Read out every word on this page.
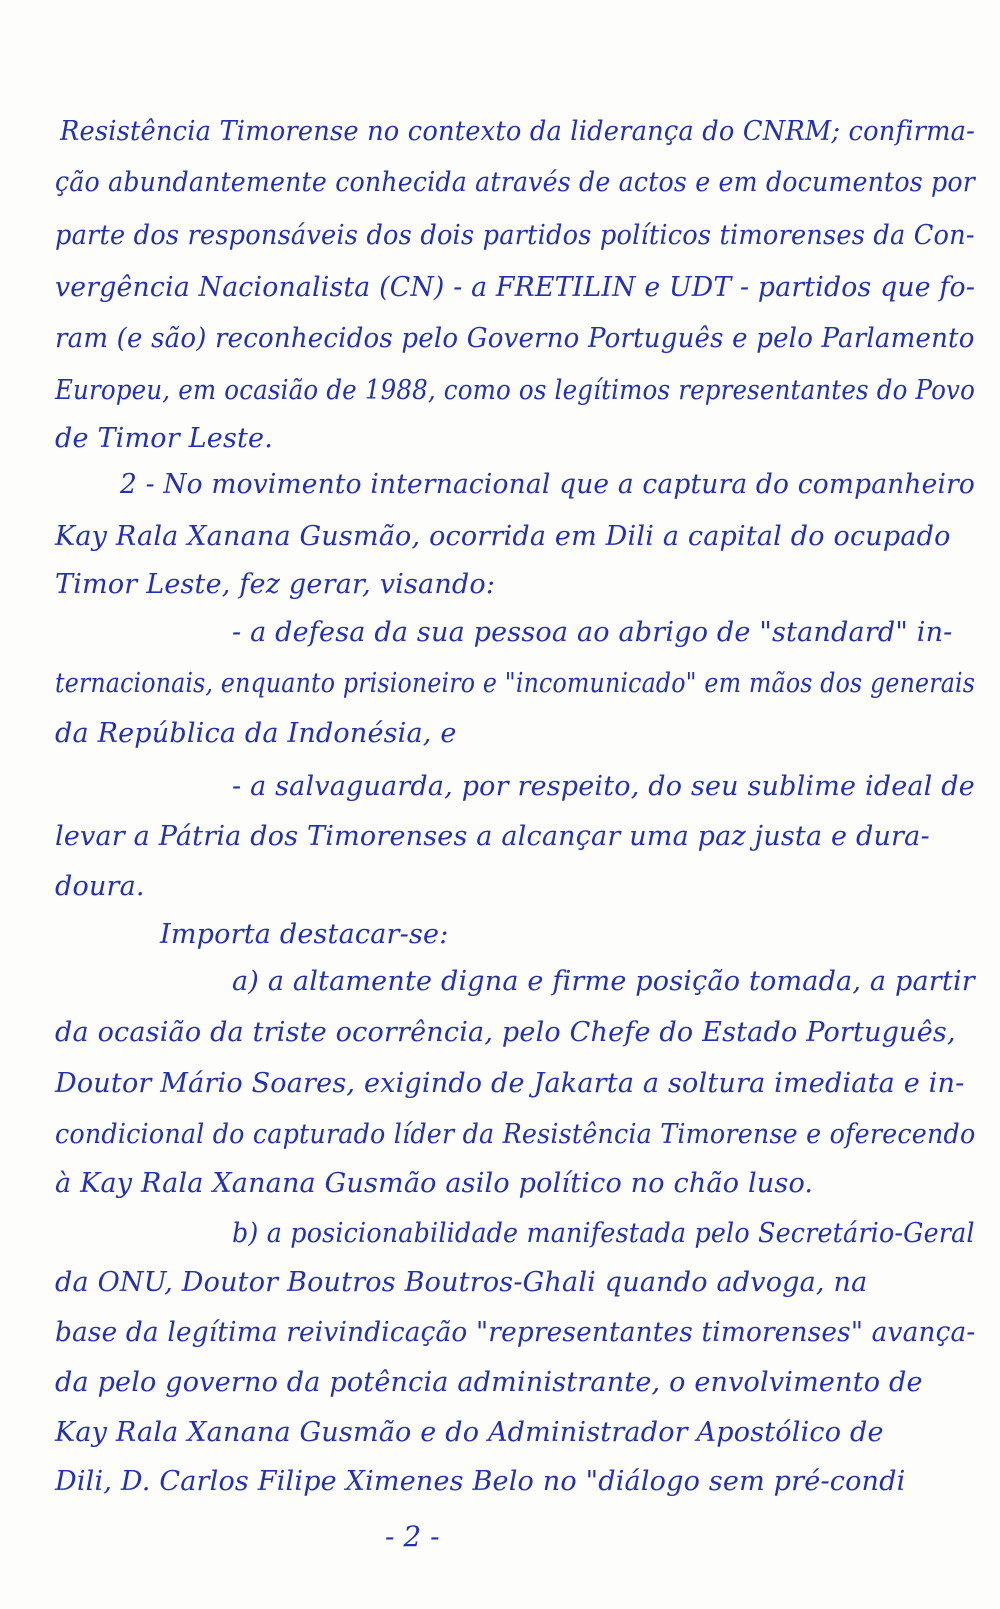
Resistência Timorense no contexto da liderança do CNRM; confirma-
ção abundantemente conhecida através de actos e em documentos por
parte dos responsáveis dos dois partidos políticos timorenses da Con-
vergência Nacionalista (CN) - a FRETILIN e UDT - partidos que fo-
ram (e são) reconhecidos pelo Governo Português e pelo Parlamento
Europeu, em ocasião de 1988, como os legítimos representantes do Povo
de Timor Leste.
2 - No movimento internacional que a captura do companheiro
Kay Rala Xanana Gusmão, ocorrida em Dili a capital do ocupado
Timor Leste, fez gerar, visando:
- a defesa da sua pessoa ao abrigo de "standard" in-
ternacionais, enquanto prisioneiro e "incomunicado" em mãos dos generais
da República da Indonésia, e
- a salvaguarda, por respeito, do seu sublime ideal de
levar a Pátria dos Timorenses a alcançar uma paz justa e dura-
doura.
Importa destacar-se:
a) a altamente digna e firme posição tomada, a partir
da ocasião da triste ocorrência, pelo Chefe do Estado Português,
Doutor Mário Soares, exigindo de Jakarta a soltura imediata e in-
condicional do capturado líder da Resistência Timorense e oferecendo
à Kay Rala Xanana Gusmão asilo político no chão luso.
b) a posicionabilidade manifestada pelo Secretário-Geral
da ONU, Doutor Boutros Boutros-Ghali quando advoga, na
base da legítima reivindicação "representantes timorenses" avança-
da pelo governo da potência administrante, o envolvimento de
Kay Rala Xanana Gusmão e do Administrador Apostólico de
Dili, D. Carlos Filipe Ximenes Belo no "diálogo sem pré-condi
- 2 -
